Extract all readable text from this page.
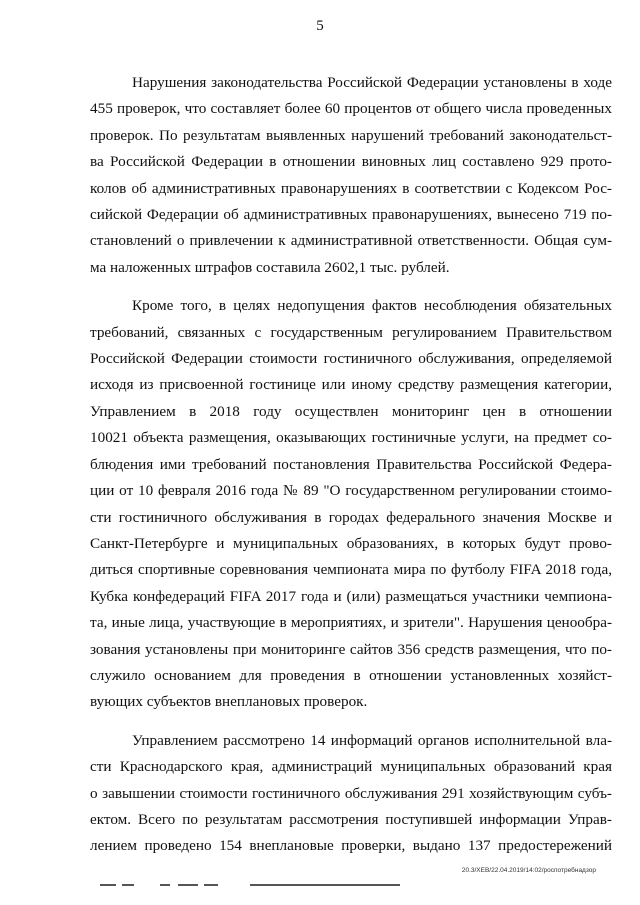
5

Нарушения законодательства Российской Федерации установлены в ходе
455 проверок, что составляет более 60 процентов от общего числа проведенных
проверок. По результатам выявленных нарушений требований законодательст-
ва Российской Федерации в отношении виновных лиц составлено 929 прото-
колов об административных правонарушениях в соответствии с Кодексом Рос-
сийской Федерации об административных правонарушениях, вынесено 719 по-
становлений о привлечении к административной ответственности. Общая сум-
ма наложенных штрафов составила 2602,1 тыс. рублей.

Кроме того, в целях недопущения фактов несоблюдения обязательных
требований, связанных с государственным регулированием Правительством
Российской Федерации стоимости гостиничного обслуживания, определяемой
исходя из присвоенной гостинице или иному средству размещения категории,
Управлением в 2018 году осуществлен мониторинг цен в отношении
10021 объекта размещения, оказывающих гостиничные услуги, на предмет со-
блюдения ими требований постановления Правительства Российской Федера-
ции от 10 февраля 2016 года № 89 "О государственном регулировании стоимо-
сти гостиничного обслуживания в городах федерального значения Москве и
Санкт-Петербурге и муниципальных образованиях, в которых будут прово-
диться спортивные соревнования чемпионата мира по футболу FIFA 2018 года,
Кубка конфедераций FIFA 2017 года и (или) размещаться участники чемпиона-
та, иные лица, участвующие в мероприятиях, и зрители". Нарушения ценообра-
зования установлены при мониторинге сайтов 356 средств размещения, что по-
служило основанием для проведения в отношении установленных хозяйст-
вующих субъектов внеплановых проверок.

Управлением рассмотрено 14 информаций органов исполнительной вла-
сти Краснодарского края, администраций муниципальных образований края
о завышении стоимости гостиничного обслуживания 291 хозяйствующим субъ-
ектом. Всего по результатам рассмотрения поступившей информации Управ-
лением проведено 154 внеплановые проверки, выдано 137 предостережений

20.3/ХЕВ/22.04.2019/14:02/роспотребнадзор
